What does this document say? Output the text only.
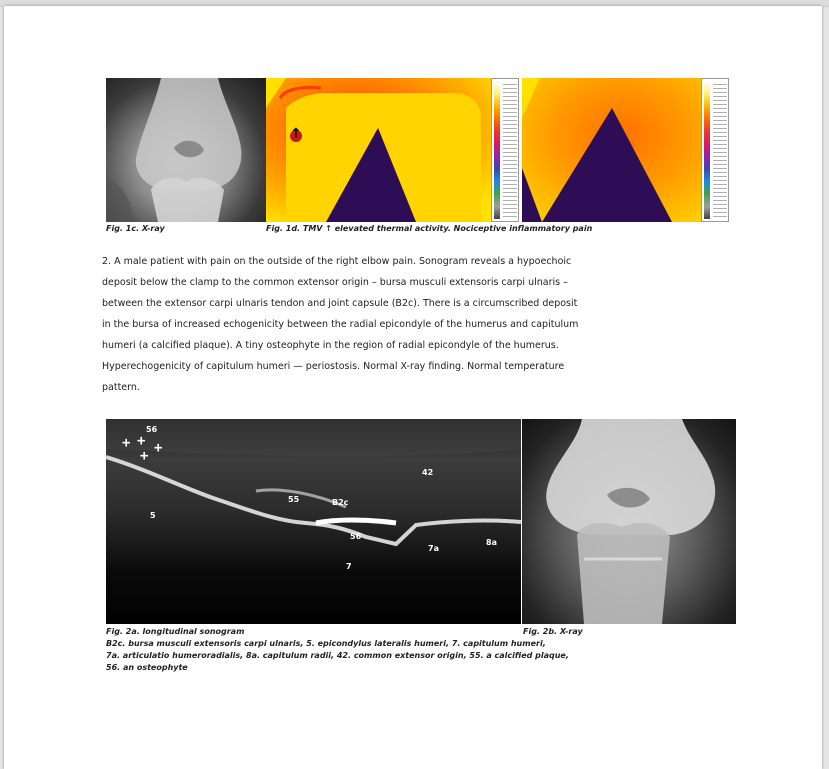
↑

Fig. 1c. X-ray	Fig. 1d. TMV ↑ elevated thermal activity. Nociceptive inflammatory pain

2. A male patient with pain on the outside of the right elbow pain. Sonogram reveals a hypoechoic
deposit below the clamp to the common extensor origin – bursa musculi extensoris carpi ulnaris –
between the extensor carpi ulnaris tendon and joint capsule (B2c). There is a circumscribed deposit
in the bursa of increased echogenicity between the radial epicondyle of the humerus and capitulum
humeri (a calcified plaque). A tiny osteophyte in the region of radial epicondyle of the humerus.
Hyperechogenicity of capitulum humeri — periostosis. Normal X-ray finding. Normal temperature
pattern.
56
+ +
+ +
42
55	B2c
5
56
7a
8a
7

Fig. 2a. longitudinal sonogram	Fig. 2b. X-ray

B2c. bursa musculi extensoris carpi ulnaris, 5. epicondylus lateralis humeri, 7. capitulum humeri,

7a. articulatio humeroradialis, 8a. capitulum radii, 42. common extensor origin, 55. a calcified plaque,

56. an osteophyte
